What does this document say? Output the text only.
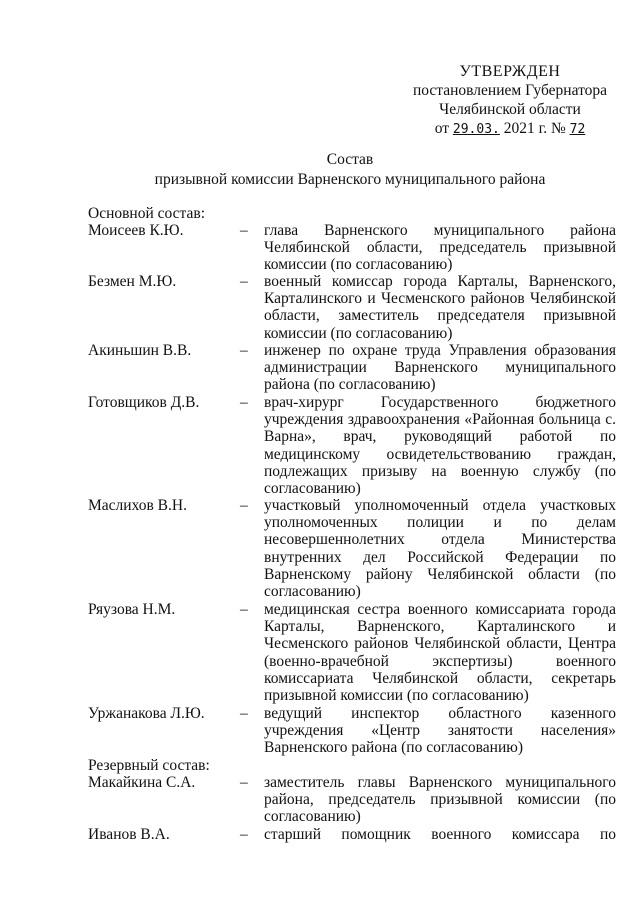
УТВЕРЖДЕН
постановлением Губернатора
Челябинской области
от 29.03. 2021 г. № 72
Состав
призывной комиссии Варненского муниципального района
Основной состав:
Моисеев К.Ю.	– глава Варненского муниципального района Челябинской области, председатель призывной комиссии (по согласованию)
Безмен М.Ю.	– военный комиссар города Карталы, Варненского, Карталинского и Чесменского районов Челябинской области, заместитель председателя призывной комиссии (по согласованию)
Акиньшин В.В.	– инженер по охране труда Управления образования администрации Варненского муниципального района (по согласованию)
Готовщиков Д.В.	– врач-хирург Государственного бюджетного учреждения здравоохранения «Районная больница с. Варна», врач, руководящий работой по медицинскому освидетельствованию граждан, подлежащих призыву на военную службу (по согласованию)
Маслихов В.Н.	– участковый уполномоченный отдела участковых уполномоченных полиции и по делам несовершеннолетних отдела Министерства внутренних дел Российской Федерации по Варненскому району Челябинской области (по согласованию)
Ряузова Н.М.	– медицинская сестра военного комиссариата города Карталы, Варненского, Карталинского и Чесменского районов Челябинской области, Центра (военно-врачебной экспертизы) военного комиссариата Челябинской области, секретарь призывной комиссии (по согласованию)
Уржанакова Л.Ю.	– ведущий инспектор областного казенного учреждения «Центр занятости населения» Варненского района (по согласованию)
Резервный состав:
Макайкина С.А.	– заместитель главы Варненского муниципального района, председатель призывной комиссии (по согласованию)
Иванов В.А.	– старший помощник военного комиссара по
